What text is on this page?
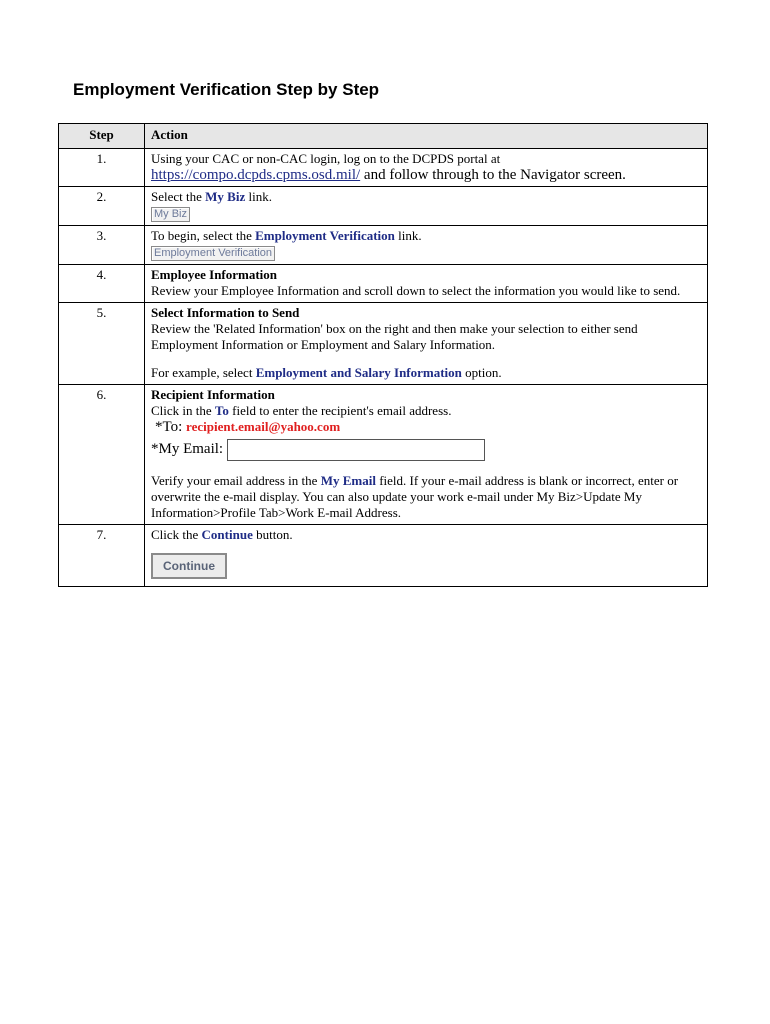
Employment Verification Step by Step
Step	Action
1.	Using your CAC or non-CAC login, log on to the DCPDS portal at
https://compo.dcpds.cpms.osd.mil/ and follow through to the Navigator screen.
2.	Select the My Biz link.
My Biz
3.	To begin, select the Employment Verification link.
Employment Verification
4.	Employee Information
Review your Employee Information and scroll down to select the information you would like to send.
5.	Select Information to Send
Review the 'Related Information' box on the right and then make your selection to either send Employment Information or Employment and Salary Information.
For example, select Employment and Salary Information option.
6.	Recipient Information
Click in the To field to enter the recipient's email address.
*To: recipient.email@yahoo.com
*My Email:
Verify your email address in the My Email field. If your e-mail address is blank or incorrect, enter or overwrite the e-mail display. You can also update your work e-mail under My Biz>Update My Information>Profile Tab>Work E-mail Address.
7.	Click the Continue button.
Continue
